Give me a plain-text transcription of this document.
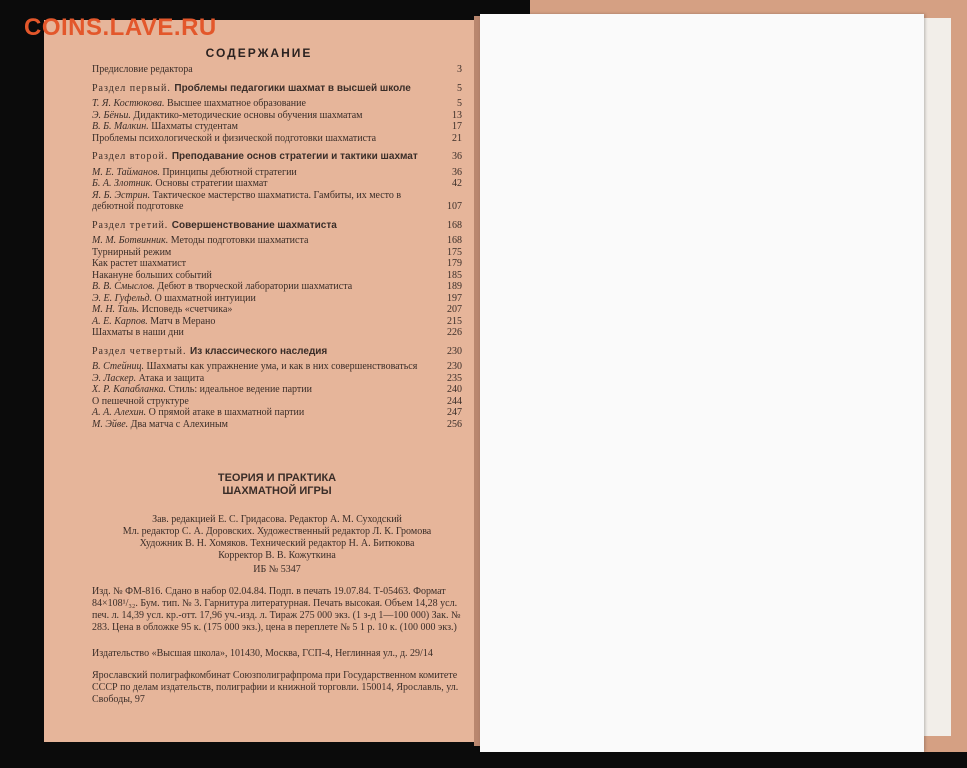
СОДЕРЖАНИЕ
Предисловие редактора	3
Раздел первый. Проблемы педагогики шахмат в высшей школе	5
Т. Я. Костюкова. Высшее шахматное образование	5
Э. Бёньи. Дидактико-методические основы обучения шахматам	13
В. Б. Малкин. Шахматы студентам	17
Проблемы психологической и физической подготовки шахматиста	21
Раздел второй. Преподавание основ стратегии и тактики шахмат	36
М. Е. Тайманов. Принципы дебютной стратегии	36
Б. А. Злотник. Основы стратегии шахмат	42
Я. Б. Эстрин. Тактическое мастерство шахматиста. Гамбиты, их место в дебютной подготовке	107
Раздел третий. Совершенствование шахматиста	168
М. М. Ботвинник. Методы подготовки шахматиста	168
Турнирный режим	175
Как растет шахматист	179
Накануне больших событий	185
В. В. Смыслов. Дебют в творческой лаборатории шахматиста	189
Э. Е. Гуфельд. О шахматной интуиции	197
М. Н. Таль. Исповедь «счетчика»	207
А. Е. Карпов. Матч в Мерано	215
Шахматы в наши дни	226
Раздел четвертый. Из классического наследия	230
В. Стейниц. Шахматы как упражнение ума, и как в них совершенствоваться	230
Э. Ласкер. Атака и защита	235
Х. Р. Капабланка. Стиль: идеальное ведение партии	240
О пешечной структуре	244
А. А. Алехин. О прямой атаке в шахматной партии	247
М. Эйве. Два матча с Алехиным	256
ТЕОРИЯ И ПРАКТИКА
ШАХМАТНОЙ ИГРЫ
Зав. редакцией Е. С. Гридасова. Редактор А. М. Суходский
Мл. редактор С. А. Доровских. Художественный редактор Л. К. Громова
Художник В. Н. Хомяков. Технический редактор Н. А. Битюкова
Корректор В. В. Кожуткина
ИБ № 5347
Изд. № ФМ-816. Сдано в набор 02.04.84. Подп. в печать 19.07.84. Т-05463. Формат 84×108¹/₃₂. Бум. тип. № 3. Гарнитура литературная. Печать высокая. Объем 14,28 усл. печ. л. 14,39 усл. кр.-отт. 17,96 уч.-изд. л. Тираж 275 000 экз. (1 з-д 1—100 000) Зак. № 283. Цена в обложке 95 к. (175 000 экз.), цена в переплете № 5 1 р. 10 к. (100 000 экз.)
Издательство «Высшая школа», 101430, Москва, ГСП-4, Неглинная ул., д. 29/14
Ярославский полиграфкомбинат Союзполиграфпрома при Государственном комитете СССР по делам издательств, полиграфии и книжной торговли. 150014, Ярославль, ул. Свободы, 97
COINS.LAVE.RU
